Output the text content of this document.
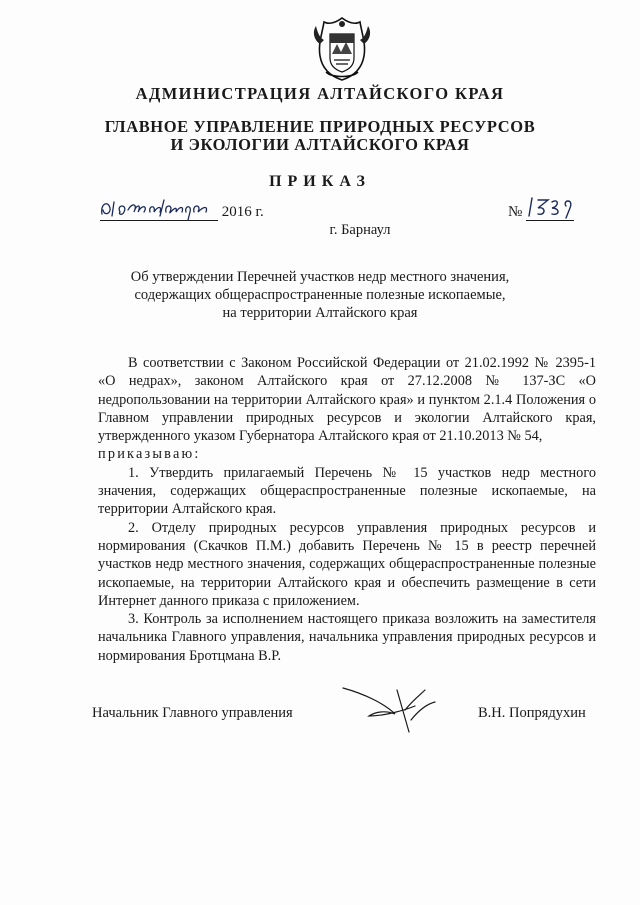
АДМИНИСТРАЦИЯ АЛТАЙСКОГО КРАЯ
ГЛАВНОЕ УПРАВЛЕНИЕ ПРИРОДНЫХ РЕСУРСОВ
И ЭКОЛОГИИ АЛТАЙСКОГО КРАЯ
ПРИКАЗ
2016 г.	№
г. Барнаул
Об утверждении Перечней участков недр местного значения,
содержащих общераспространенные полезные ископаемые,
на территории Алтайского края

В соответствии с Законом Российской Федерации от 21.02.1992 № 2395-1 «О недрах», законом Алтайского края от 27.12.2008 № 137-ЗС «О недропользовании на территории Алтайского края» и пунктом 2.1.4 Положения о Главном управлении природных ресурсов и экологии Алтайского края, утвержденного указом Губернатора Алтайского края от 21.10.2013 № 54,

приказываю:

1. Утвердить прилагаемый Перечень № 15 участков недр местного значения, содержащих общераспространенные полезные ископаемые, на территории Алтайского края.

2. Отделу природных ресурсов управления природных ресурсов и нормирования (Скачков П.М.) добавить Перечень № 15 в реестр перечней участков недр местного значения, содержащих общераспространенные полезные ископаемые, на территории Алтайского края и обеспечить размещение в сети Интернет данного приказа с приложением.

3. Контроль за исполнением настоящего приказа возложить на заместителя начальника Главного управления, начальника управления природных ресурсов и нормирования Бротцмана В.Р.

Начальник Главного управления	В.Н. Попрядухин
